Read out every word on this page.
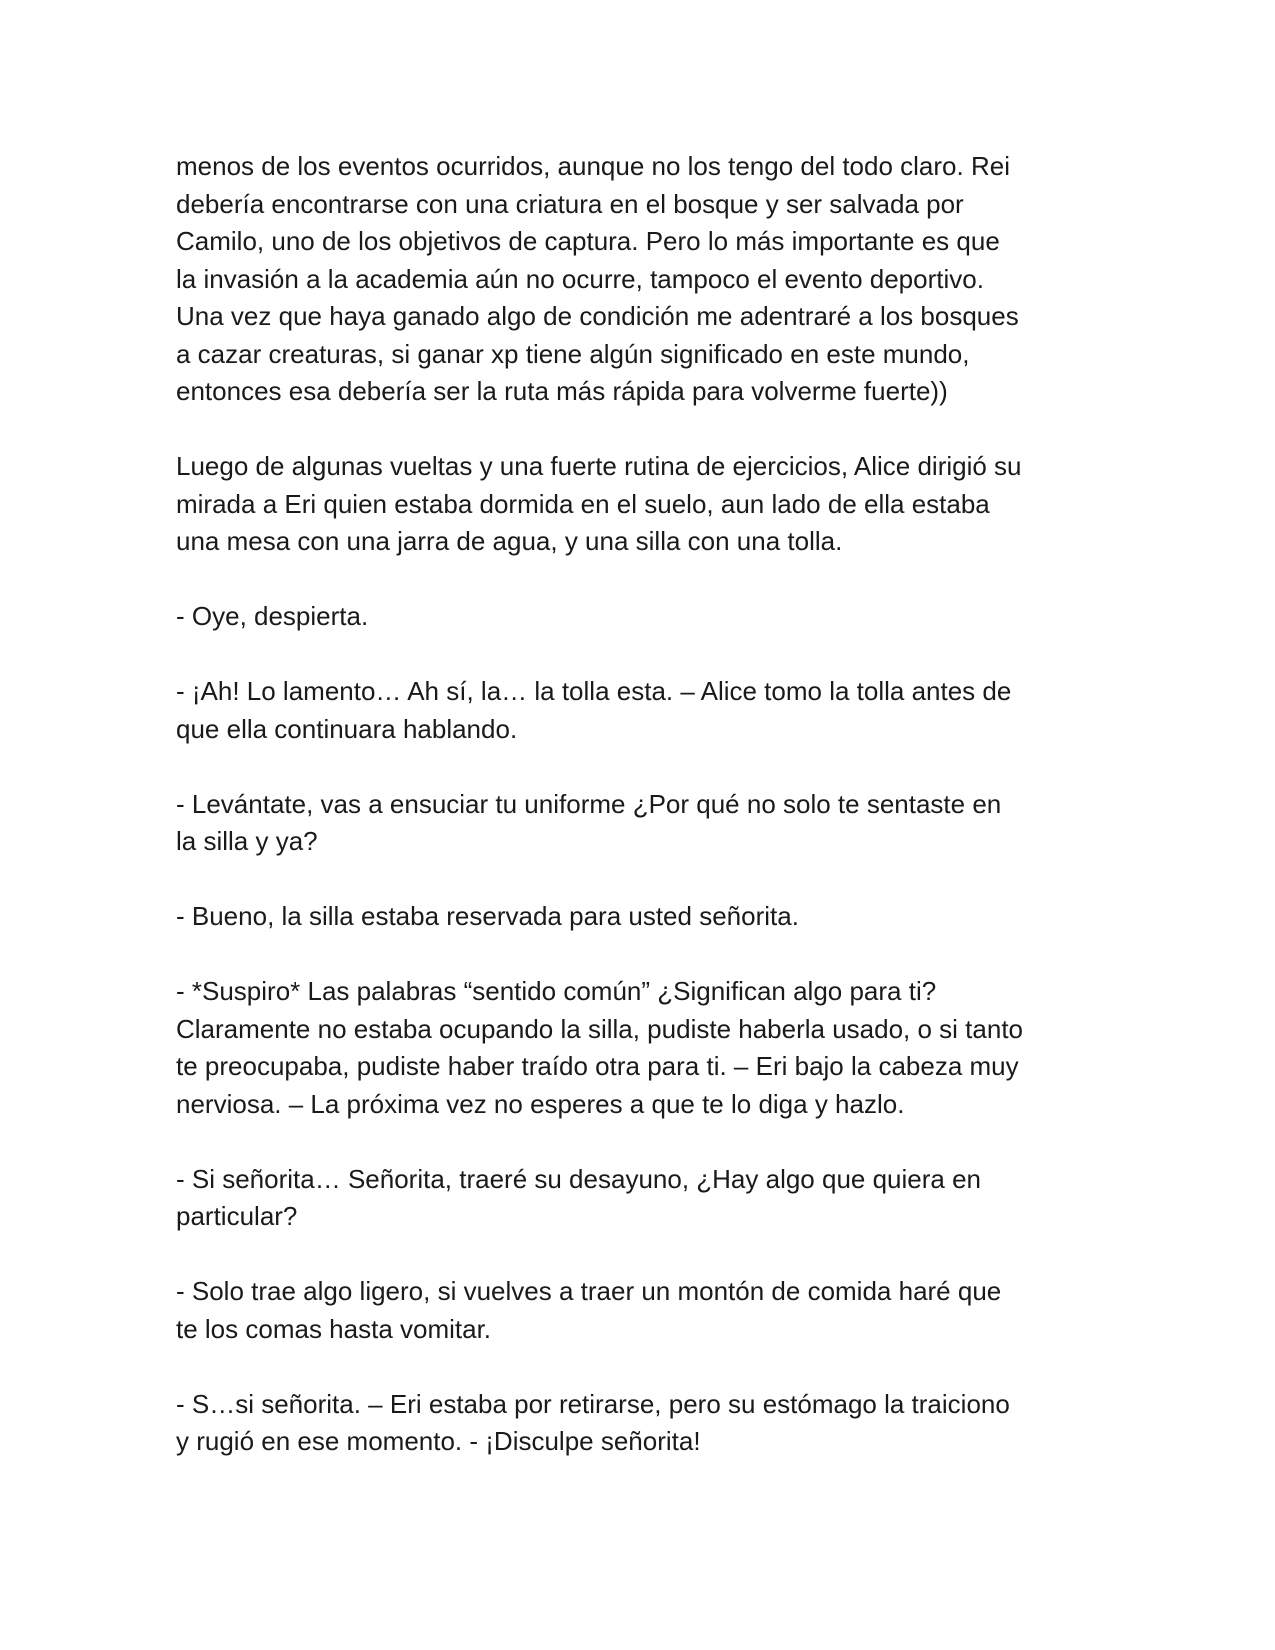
menos de los eventos ocurridos, aunque no los tengo del todo claro. Rei
debería encontrarse con una criatura en el bosque y ser salvada por
Camilo, uno de los objetivos de captura. Pero lo más importante es que
la invasión a la academia aún no ocurre, tampoco el evento deportivo.
Una vez que haya ganado algo de condición me adentraré a los bosques
a cazar creaturas, si ganar xp tiene algún significado en este mundo,
entonces esa debería ser la ruta más rápida para volverme fuerte))

Luego de algunas vueltas y una fuerte rutina de ejercicios, Alice dirigió su
mirada a Eri quien estaba dormida en el suelo, aun lado de ella estaba
una mesa con una jarra de agua, y una silla con una tolla.

- Oye, despierta.

- ¡Ah! Lo lamento… Ah sí, la… la tolla esta. – Alice tomo la tolla antes de
que ella continuara hablando.

- Levántate, vas a ensuciar tu uniforme ¿Por qué no solo te sentaste en
la silla y ya?

- Bueno, la silla estaba reservada para usted señorita.

- *Suspiro* Las palabras “sentido común” ¿Significan algo para ti?
Claramente no estaba ocupando la silla, pudiste haberla usado, o si tanto
te preocupaba, pudiste haber traído otra para ti. – Eri bajo la cabeza muy
nerviosa. – La próxima vez no esperes a que te lo diga y hazlo.

- Si señorita… Señorita, traeré su desayuno, ¿Hay algo que quiera en
particular?

- Solo trae algo ligero, si vuelves a traer un montón de comida haré que
te los comas hasta vomitar.

- S…si señorita. – Eri estaba por retirarse, pero su estómago la traiciono
y rugió en ese momento. - ¡Disculpe señorita!
